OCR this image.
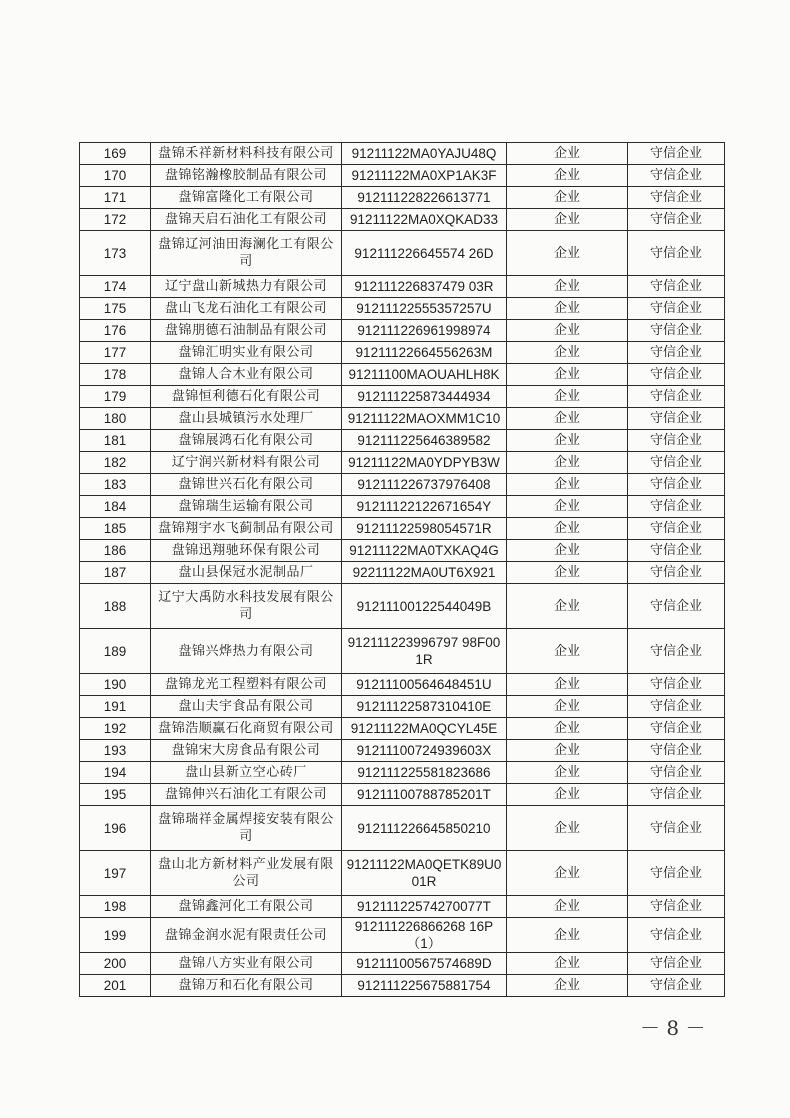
169	盘锦禾祥新材料科技有限公司	91211122MA0YAJU48Q	企业	守信企业
170	盘锦铭瀚橡胶制品有限公司	91211122MA0XP1AK3F	企业	守信企业
171	盘锦富隆化工有限公司	912111228226613771	企业	守信企业
172	盘锦天启石油化工有限公司	91211122MA0XQKAD33	企业	守信企业
173	盘锦辽河油田海澜化工有限公司	912111226645574 26D	企业	守信企业
174	辽宁盘山新城热力有限公司	912111226837479 03R	企业	守信企业
175	盘山飞龙石油化工有限公司	91211122555357257U	企业	守信企业
176	盘锦朋德石油制品有限公司	912111226961998974	企业	守信企业
177	盘锦汇明实业有限公司	91211122664556263M	企业	守信企业
178	盘锦人合木业有限公司	91211100MAOUAHLH8K	企业	守信企业
179	盘锦恒利德石化有限公司	912111225873444934	企业	守信企业
180	盘山县城镇污水处理厂	91211122MAOXMM1C10	企业	守信企业
181	盘锦展鸿石化有限公司	912111225646389582	企业	守信企业
182	辽宁润兴新材料有限公司	91211122MA0YDPYB3W	企业	守信企业
183	盘锦世兴石化有限公司	912111226737976408	企业	守信企业
184	盘锦瑞生运输有限公司	91211122122671654Y	企业	守信企业
185	盘锦翔宇水飞蓟制品有限公司	91211122598054571R	企业	守信企业
186	盘锦迅翔驰环保有限公司	91211122MA0TXKAQ4G	企业	守信企业
187	盘山县保冠水泥制品厂	92211122MA0UT6X921	企业	守信企业
188	辽宁大禹防水科技发展有限公司	91211100122544049B	企业	守信企业
189	盘锦兴烨热力有限公司	912111223996797 98F001R	企业	守信企业
190	盘锦龙光工程塑料有限公司	91211100564648451U	企业	守信企业
191	盘山夫宇食品有限公司	91211122587310410E	企业	守信企业
192	盘锦浩顺赢石化商贸有限公司	91211122MA0QCYL45E	企业	守信企业
193	盘锦宋大房食品有限公司	91211100724939603X	企业	守信企业
194	盘山县新立空心砖厂	912111225581823686	企业	守信企业
195	盘锦伸兴石油化工有限公司	91211100788785201T	企业	守信企业
196	盘锦瑞祥金属焊接安装有限公司	912111226645850210	企业	守信企业
197	盘山北方新材料产业发展有限公司	91211122MA0QETK89U001R	企业	守信企业
198	盘锦鑫河化工有限公司	91211122574270077T	企业	守信企业
199	盘锦金润水泥有限责任公司	912111226866268 16P（1）	企业	守信企业
200	盘锦八方实业有限公司	91211100567574689D	企业	守信企业
201	盘锦万和石化有限公司	912111225675881754	企业	守信企业
－ 8 －
